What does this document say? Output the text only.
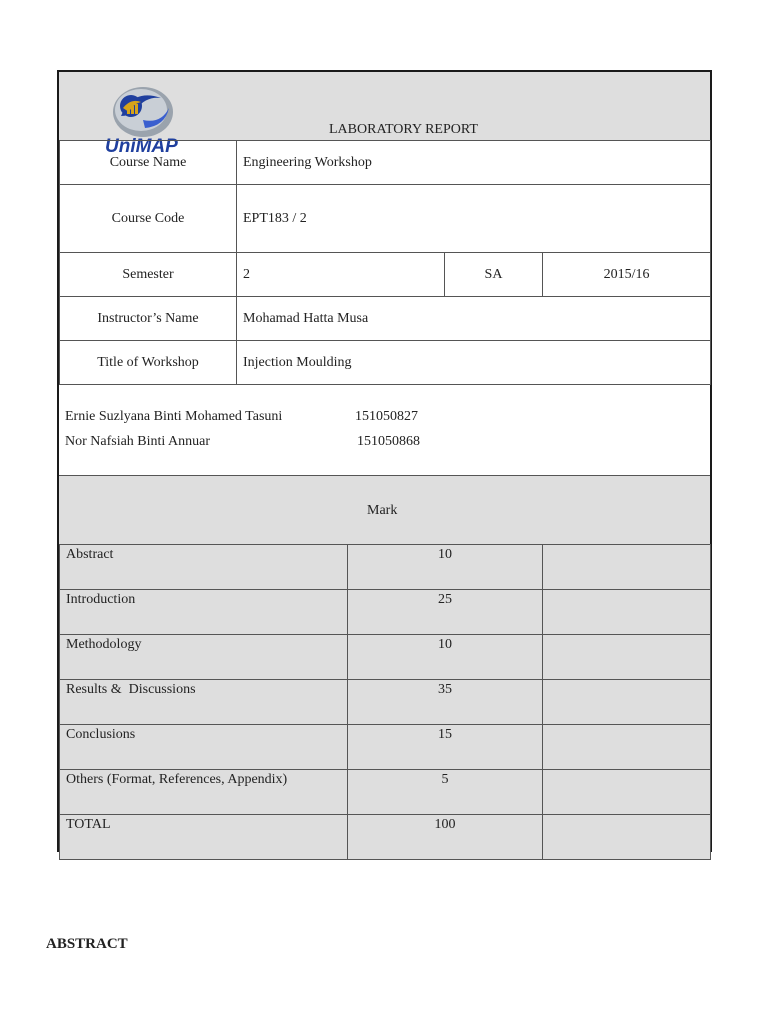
UniMAP
LABORATORY REPORT
Course Name	Engineering Workshop		
Course Code	EPT183 / 2		
Semester	2	SA	2015/16
Instructor’s Name	Mohamad Hatta Musa		
Title of Workshop	Injection Moulding		
Ernie Suzlyana Binti Mohamed Tasuni	151050827
Nor Nafsiah Binti Annuar	151050868
Mark
Abstract	10	
Introduction	25	
Methodology	10	
Results &  Discussions	35	
Conclusions	15	
Others (Format, References, Appendix)	5	
TOTAL	100	
ABSTRACT
